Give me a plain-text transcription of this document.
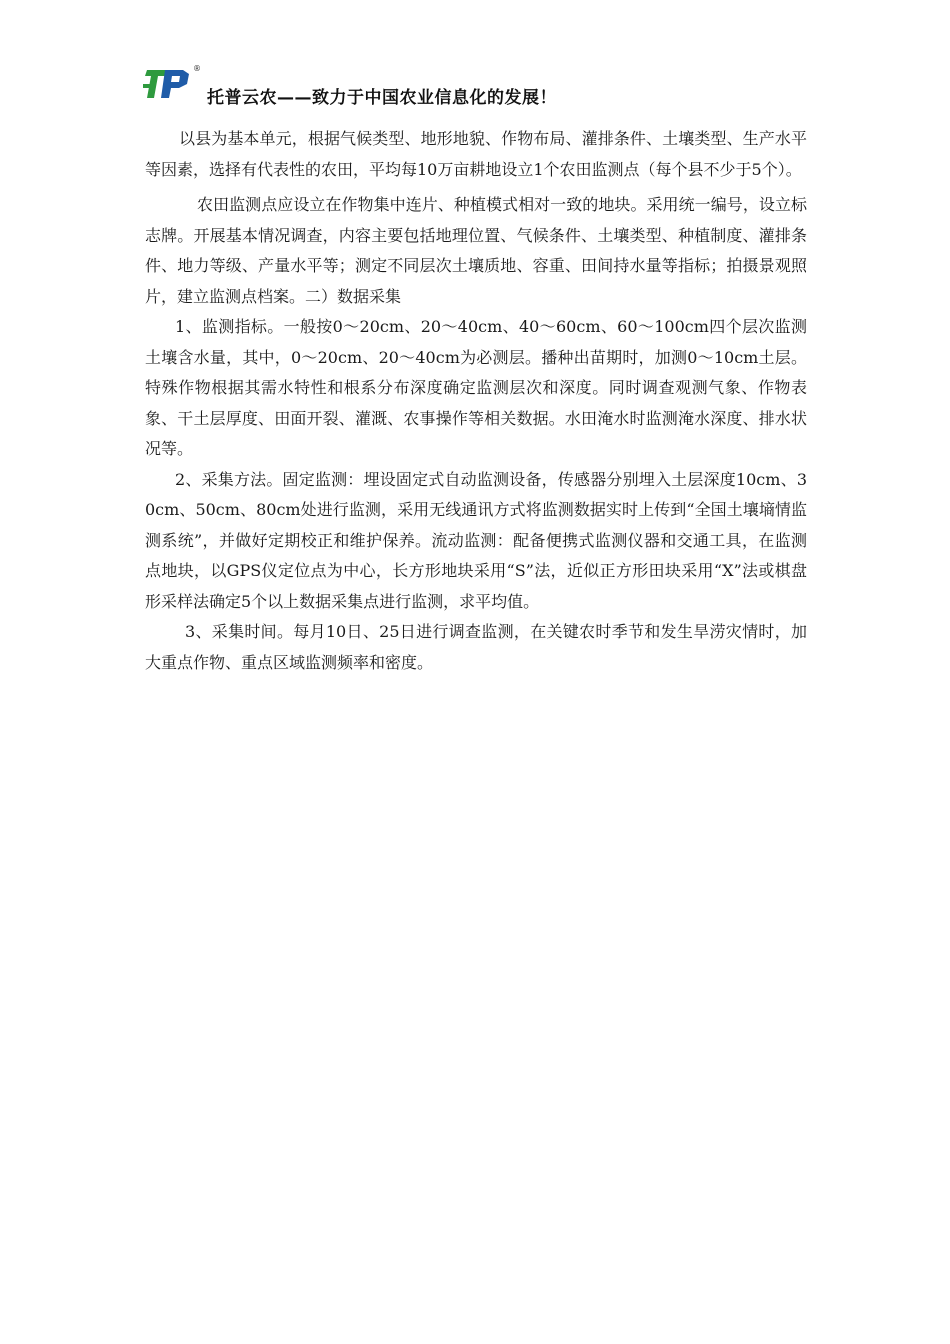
®
托普云农——致力于中国农业信息化的发展！

以县为基本单元，根据气候类型、地形地貌、作物布局、灌排条件、土壤类型、生产水平等因素，选择有代表性的农田，平均每10万亩耕地设立1个农田监测点（每个县不少于5个）。

农田监测点应设立在作物集中连片、种植模式相对一致的地块。采用统一编号，设立标志牌。开展基本情况调查，内容主要包括地理位置、气候条件、土壤类型、种植制度、灌排条件、地力等级、产量水平等；测定不同层次土壤质地、容重、田间持水量等指标；拍摄景观照片，建立监测点档案。二）数据采集

1、监测指标。一般按0～20cm、20～40cm、40～60cm、60～100cm四个层次监测土壤含水量，其中，0～20cm、20～40cm为必测层。播种出苗期时，加测0～10cm土层。特殊作物根据其需水特性和根系分布深度确定监测层次和深度。同时调查观测气象、作物表象、干土层厚度、田面开裂、灌溉、农事操作等相关数据。水田淹水时监测淹水深度、排水状况等。

2、采集方法。固定监测：埋设固定式自动监测设备，传感器分别埋入土层深度10cm、30cm、50cm、80cm处进行监测，采用无线通讯方式将监测数据实时上传到“全国土壤墒情监测系统”，并做好定期校正和维护保养。流动监测：配备便携式监测仪器和交通工具，在监测点地块，以GPS仪定位点为中心，长方形地块采用“S”法，近似正方形田块采用“X”法或棋盘形采样法确定5个以上数据采集点进行监测，求平均值。

3、采集时间。每月10日、25日进行调查监测，在关键农时季节和发生旱涝灾情时，加大重点作物、重点区域监测频率和密度。
